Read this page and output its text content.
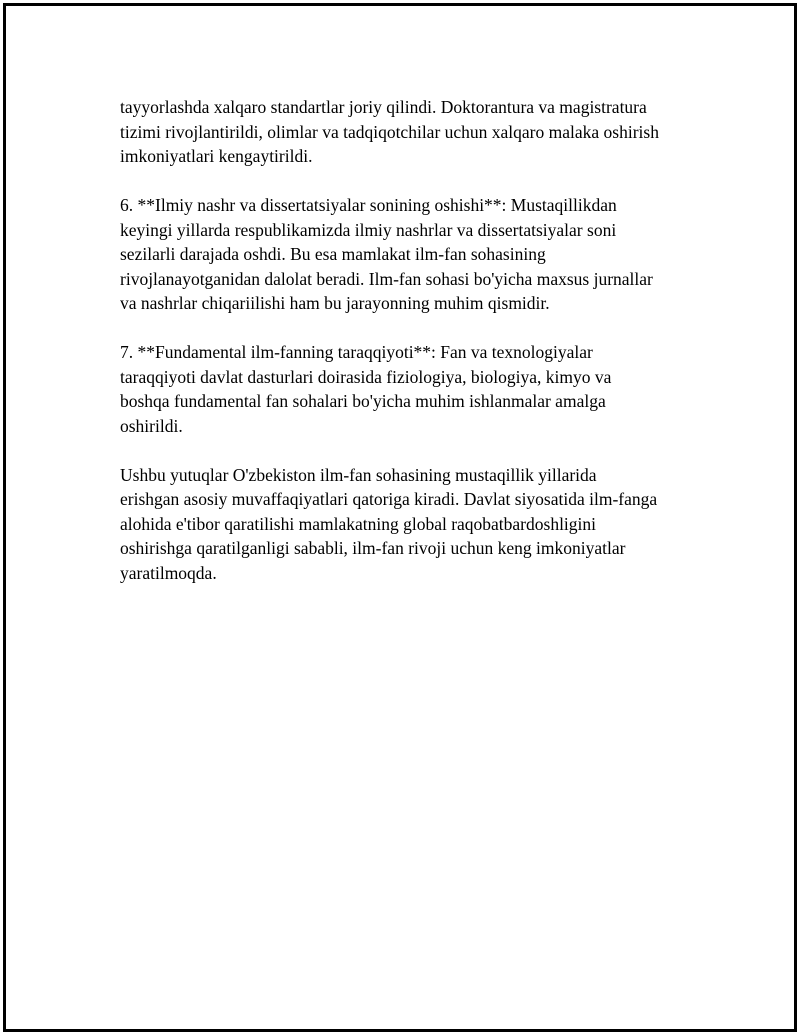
tayyorlashda xalqaro standartlar joriy qilindi. Doktorantura va magistratura
tizimi rivojlantirildi, olimlar va tadqiqotchilar uchun xalqaro malaka oshirish
imkoniyatlari kengaytirildi.

6. **Ilmiy nashr va dissertatsiyalar sonining oshishi**: Mustaqillikdan
keyingi yillarda respublikamizda ilmiy nashrlar va dissertatsiyalar soni
sezilarli darajada oshdi. Bu esa mamlakat ilm-fan sohasining
rivojlanayotganidan dalolat beradi. Ilm-fan sohasi bo'yicha maxsus jurnallar
va nashrlar chiqariilishi ham bu jarayonning muhim qismidir.

7. **Fundamental ilm-fanning taraqqiyoti**: Fan va texnologiyalar
taraqqiyoti davlat dasturlari doirasida fiziologiya, biologiya, kimyo va
boshqa fundamental fan sohalari bo'yicha muhim ishlanmalar amalga
oshirildi.

Ushbu yutuqlar O'zbekiston ilm-fan sohasining mustaqillik yillarida
erishgan asosiy muvaffaqiyatlari qatoriga kiradi. Davlat siyosatida ilm-fanga
alohida e'tibor qaratilishi mamlakatning global raqobatbardoshligini
oshirishga qaratilganligi sababli, ilm-fan rivoji uchun keng imkoniyatlar
yaratilmoqda.
